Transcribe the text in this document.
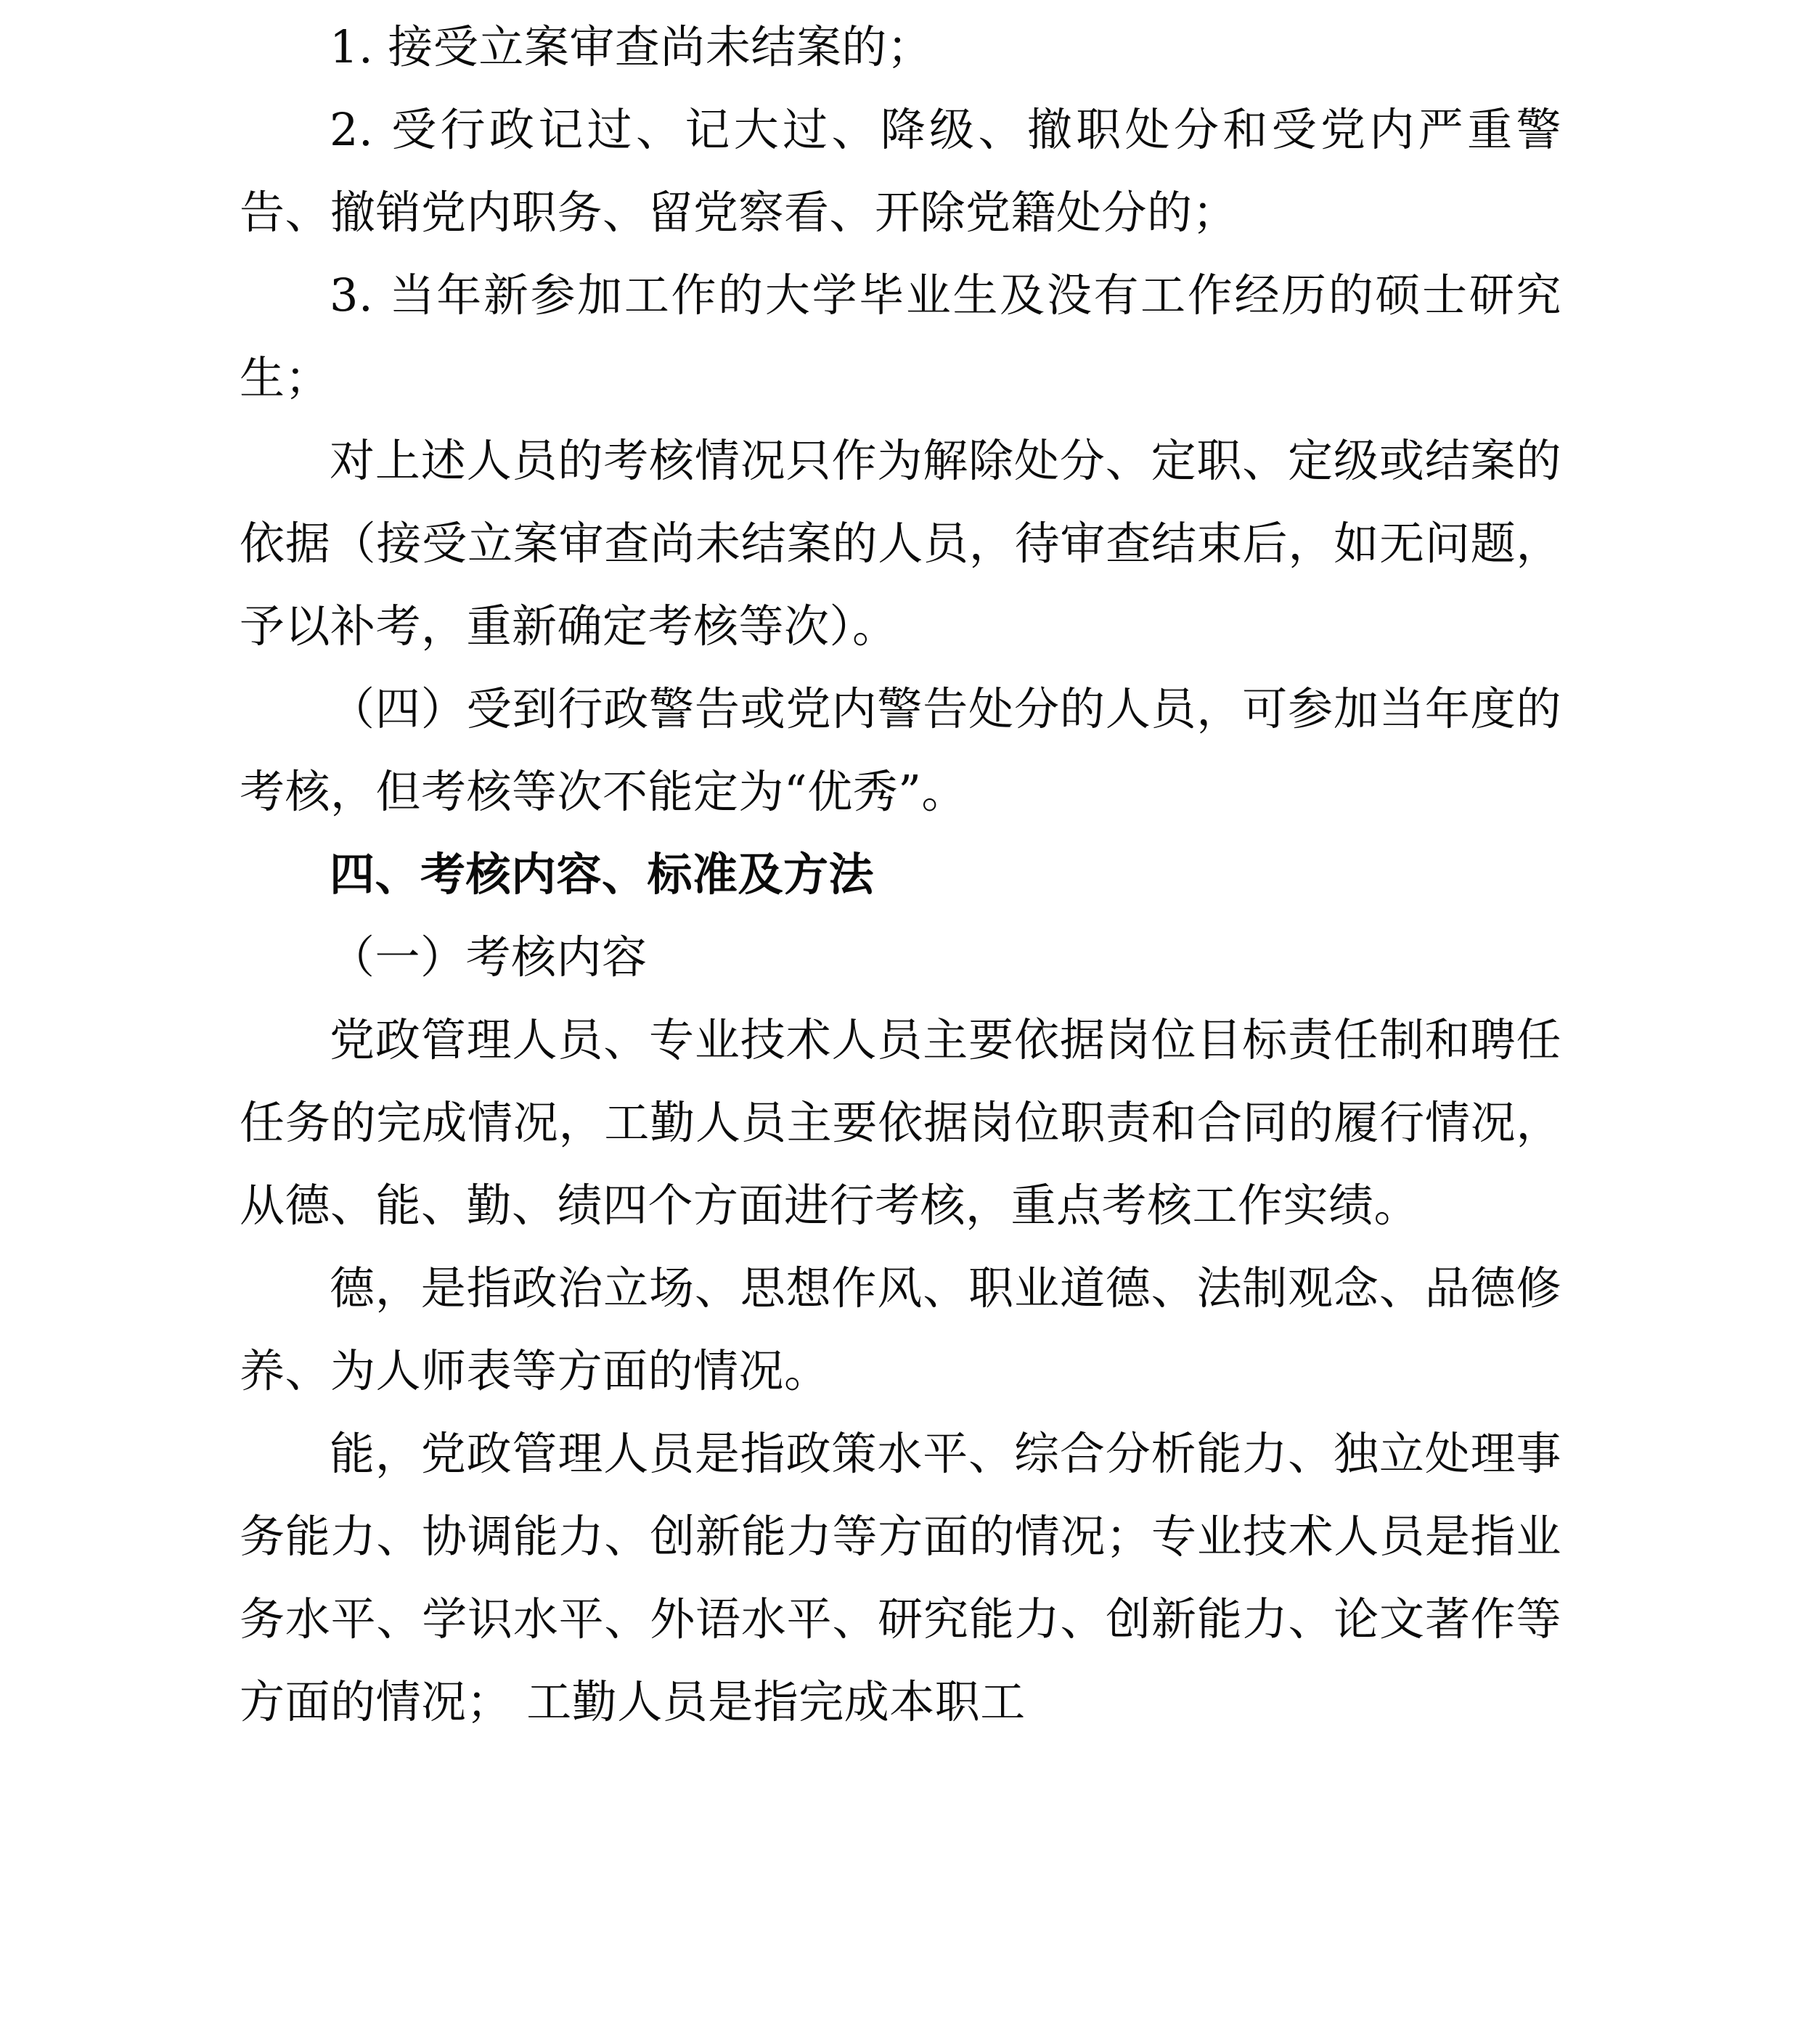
1. 接受立案审查尚未结案的；

2. 受行政记过、记大过、降级、撤职处分和受党内严重警告、撤销党内职务、留党察看、开除党籍处分的；

3. 当年新参加工作的大学毕业生及没有工作经历的硕士研究生；

对上述人员的考核情况只作为解除处分、定职、定级或结案的依据（接受立案审查尚未结案的人员，待审查结束后，如无问题，予以补考，重新确定考核等次）。

（四）受到行政警告或党内警告处分的人员，可参加当年度的考核，但考核等次不能定为“优秀”。

四、考核内容、标准及方法

（一）考核内容

党政管理人员、专业技术人员主要依据岗位目标责任制和聘任任务的完成情况，工勤人员主要依据岗位职责和合同的履行情况，从德、能、勤、绩四个方面进行考核，重点考核工作实绩。

德，是指政治立场、思想作风、职业道德、法制观念、品德修养、为人师表等方面的情况。

能，党政管理人员是指政策水平、综合分析能力、独立处理事务能力、协调能力、创新能力等方面的情况；专业技术人员是指业务水平、学识水平、外语水平、研究能力、创新能力、论文著作等方面的情况； 工勤人员是指完成本职工
